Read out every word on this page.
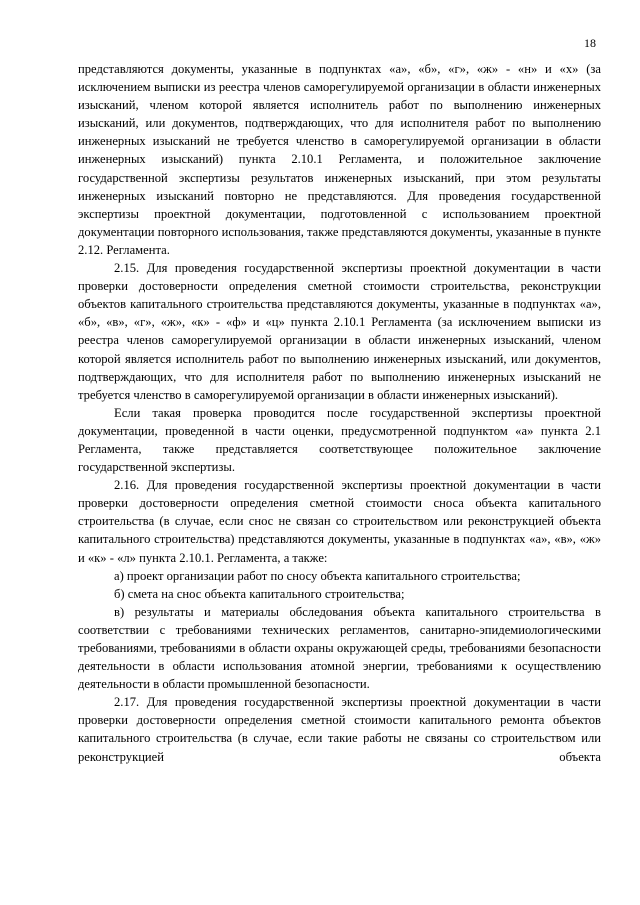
18

представляются документы, указанные в подпунктах «а», «б», «г», «ж» - «н» и «х» (за исключением выписки из реестра членов саморегулируемой организации в области инженерных изысканий, членом которой является исполнитель работ по выполнению инженерных изысканий, или документов, подтверждающих, что для исполнителя работ по выполнению инженерных изысканий не требуется членство в саморегулируемой организации в области инженерных изысканий) пункта 2.10.1 Регламента, и положительное заключение государственной экспертизы результатов инженерных изысканий, при этом результаты инженерных изысканий повторно не представляются. Для проведения государственной экспертизы проектной документации, подготовленной с использованием проектной документации повторного использования, также представляются документы, указанные в пункте 2.12. Регламента.

2.15. Для проведения государственной экспертизы проектной документации в части проверки достоверности определения сметной стоимости строительства, реконструкции объектов капитального строительства представляются документы, указанные в подпунктах «а», «б», «в», «г», «ж», «к» - «ф» и «ц» пункта 2.10.1 Регламента (за исключением выписки из реестра членов саморегулируемой организации в области инженерных изысканий, членом которой является исполнитель работ по выполнению инженерных изысканий, или документов, подтверждающих, что для исполнителя работ по выполнению инженерных изысканий не требуется членство в саморегулируемой организации в области инженерных изысканий).

Если такая проверка проводится после государственной экспертизы проектной документации, проведенной в части оценки, предусмотренной подпунктом «а» пункта 2.1 Регламента, также представляется соответствующее положительное заключение государственной экспертизы.

2.16. Для проведения государственной экспертизы проектной документации в части проверки достоверности определения сметной стоимости сноса объекта капитального строительства (в случае, если снос не связан со строительством или реконструкцией объекта капитального строительства) представляются документы, указанные в подпунктах «а», «в», «ж» и «к» - «л» пункта 2.10.1. Регламента, а также:

а) проект организации работ по сносу объекта капитального строительства;

б) смета на снос объекта капитального строительства;

в) результаты и материалы обследования объекта капитального строительства в соответствии с требованиями технических регламентов, санитарно-эпидемиологическими требованиями, требованиями в области охраны окружающей среды, требованиями безопасности деятельности в области использования атомной энергии, требованиями к осуществлению деятельности в области промышленной безопасности.

2.17. Для проведения государственной экспертизы проектной документации в части проверки достоверности определения сметной стоимости капитального ремонта объектов капитального строительства (в случае, если такие работы не связаны со строительством или реконструкцией объекта
